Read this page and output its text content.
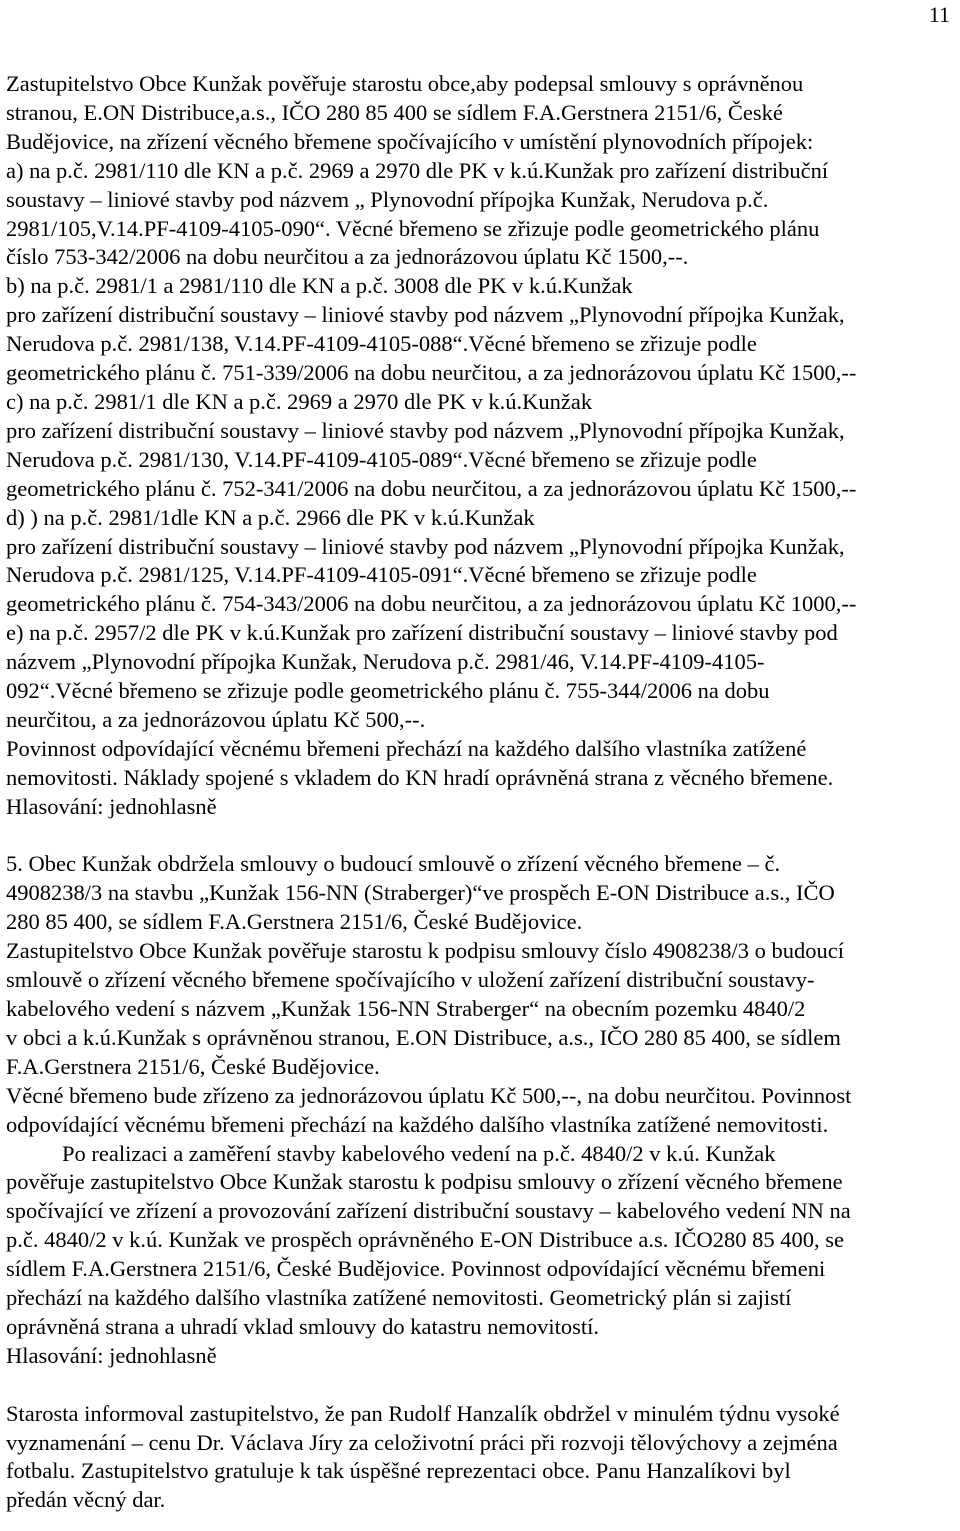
11
Zastupitelstvo Obce Kunžak pověřuje starostu obce,aby podepsal smlouvy s oprávněnou
stranou, E.ON Distribuce,a.s., IČO 280 85 400 se sídlem F.A.Gerstnera 2151/6, České
Budějovice, na zřízení věcného břemene spočívajícího v umístění plynovodních přípojek:
a) na p.č. 2981/110 dle KN a p.č. 2969 a 2970 dle PK v k.ú.Kunžak pro zařízení distribuční
soustavy – liniové stavby pod názvem „ Plynovodní přípojka Kunžak, Nerudova p.č.
2981/105,V.14.PF-4109-4105-090“. Věcné břemeno se zřizuje podle geometrického plánu
číslo 753-342/2006 na dobu neurčitou a za jednorázovou úplatu Kč 1500,--.
b) na p.č. 2981/1 a 2981/110 dle KN a p.č. 3008 dle PK v k.ú.Kunžak
pro zařízení distribuční soustavy – liniové stavby pod názvem „Plynovodní přípojka Kunžak,
Nerudova p.č. 2981/138, V.14.PF-4109-4105-088“.Věcné břemeno se zřizuje podle
geometrického plánu č. 751-339/2006 na dobu neurčitou, a za jednorázovou úplatu Kč 1500,--
c) na p.č. 2981/1 dle KN a p.č. 2969 a 2970 dle PK v k.ú.Kunžak
pro zařízení distribuční soustavy – liniové stavby pod názvem „Plynovodní přípojka Kunžak,
Nerudova p.č. 2981/130, V.14.PF-4109-4105-089“.Věcné břemeno se zřizuje podle
geometrického plánu č. 752-341/2006 na dobu neurčitou, a za jednorázovou úplatu Kč 1500,--
d) ) na p.č. 2981/1dle KN a p.č. 2966 dle PK v k.ú.Kunžak
pro zařízení distribuční soustavy – liniové stavby pod názvem „Plynovodní přípojka Kunžak,
Nerudova p.č. 2981/125, V.14.PF-4109-4105-091“.Věcné břemeno se zřizuje podle
geometrického plánu č. 754-343/2006 na dobu neurčitou, a za jednorázovou úplatu Kč 1000,--
e) na p.č. 2957/2 dle PK v k.ú.Kunžak pro zařízení distribuční soustavy – liniové stavby pod
názvem „Plynovodní přípojka Kunžak, Nerudova p.č. 2981/46, V.14.PF-4109-4105-
092“.Věcné břemeno se zřizuje podle geometrického plánu č. 755-344/2006 na dobu
neurčitou, a za jednorázovou úplatu Kč 500,--.
Povinnost odpovídající věcnému břemeni přechází na každého dalšího vlastníka zatížené
nemovitosti. Náklady spojené s vkladem do KN hradí oprávněná strana z věcného břemene.
Hlasování: jednohlasně
5. Obec Kunžak obdržela smlouvy o budoucí smlouvě o zřízení věcného břemene – č.
4908238/3 na stavbu „Kunžak 156-NN (Straberger)“ve prospěch E-ON Distribuce a.s., IČO
280 85 400, se sídlem F.A.Gerstnera 2151/6, České Budějovice.
Zastupitelstvo Obce Kunžak pověřuje starostu k podpisu smlouvy číslo 4908238/3 o budoucí
smlouvě o zřízení věcného břemene spočívajícího v uložení zařízení distribuční soustavy-
kabelového vedení s názvem „Kunžak 156-NN Straberger“ na obecním pozemku 4840/2
v obci a k.ú.Kunžak s oprávněnou stranou, E.ON Distribuce, a.s., IČO 280 85 400, se sídlem
F.A.Gerstnera 2151/6, České Budějovice.
Věcné břemeno bude zřízeno za jednorázovou úplatu Kč 500,--, na dobu neurčitou. Povinnost
odpovídající věcnému břemeni přechází na každého dalšího vlastníka zatížené nemovitosti.
Po realizaci a zaměření stavby kabelového vedení na p.č. 4840/2 v k.ú. Kunžak
pověřuje zastupitelstvo Obce Kunžak starostu k podpisu smlouvy o zřízení věcného břemene
spočívající ve zřízení a provozování zařízení distribuční soustavy – kabelového vedení NN na
p.č. 4840/2 v k.ú. Kunžak ve prospěch oprávněného E-ON Distribuce a.s. IČO280 85 400, se
sídlem F.A.Gerstnera 2151/6, České Budějovice. Povinnost odpovídající věcnému břemeni
přechází na každého dalšího vlastníka zatížené nemovitosti. Geometrický plán si zajistí
oprávněná strana a uhradí vklad smlouvy do katastru nemovitostí.
Hlasování: jednohlasně
Starosta informoval zastupitelstvo, že pan Rudolf Hanzalík obdržel v minulém týdnu vysoké
vyznamenání – cenu Dr. Václava Jíry za celoživotní práci při rozvoji tělovýchovy a zejména
fotbalu. Zastupitelstvo gratuluje k tak úspěšné reprezentaci obce. Panu Hanzalíkovi byl
předán věcný dar.
